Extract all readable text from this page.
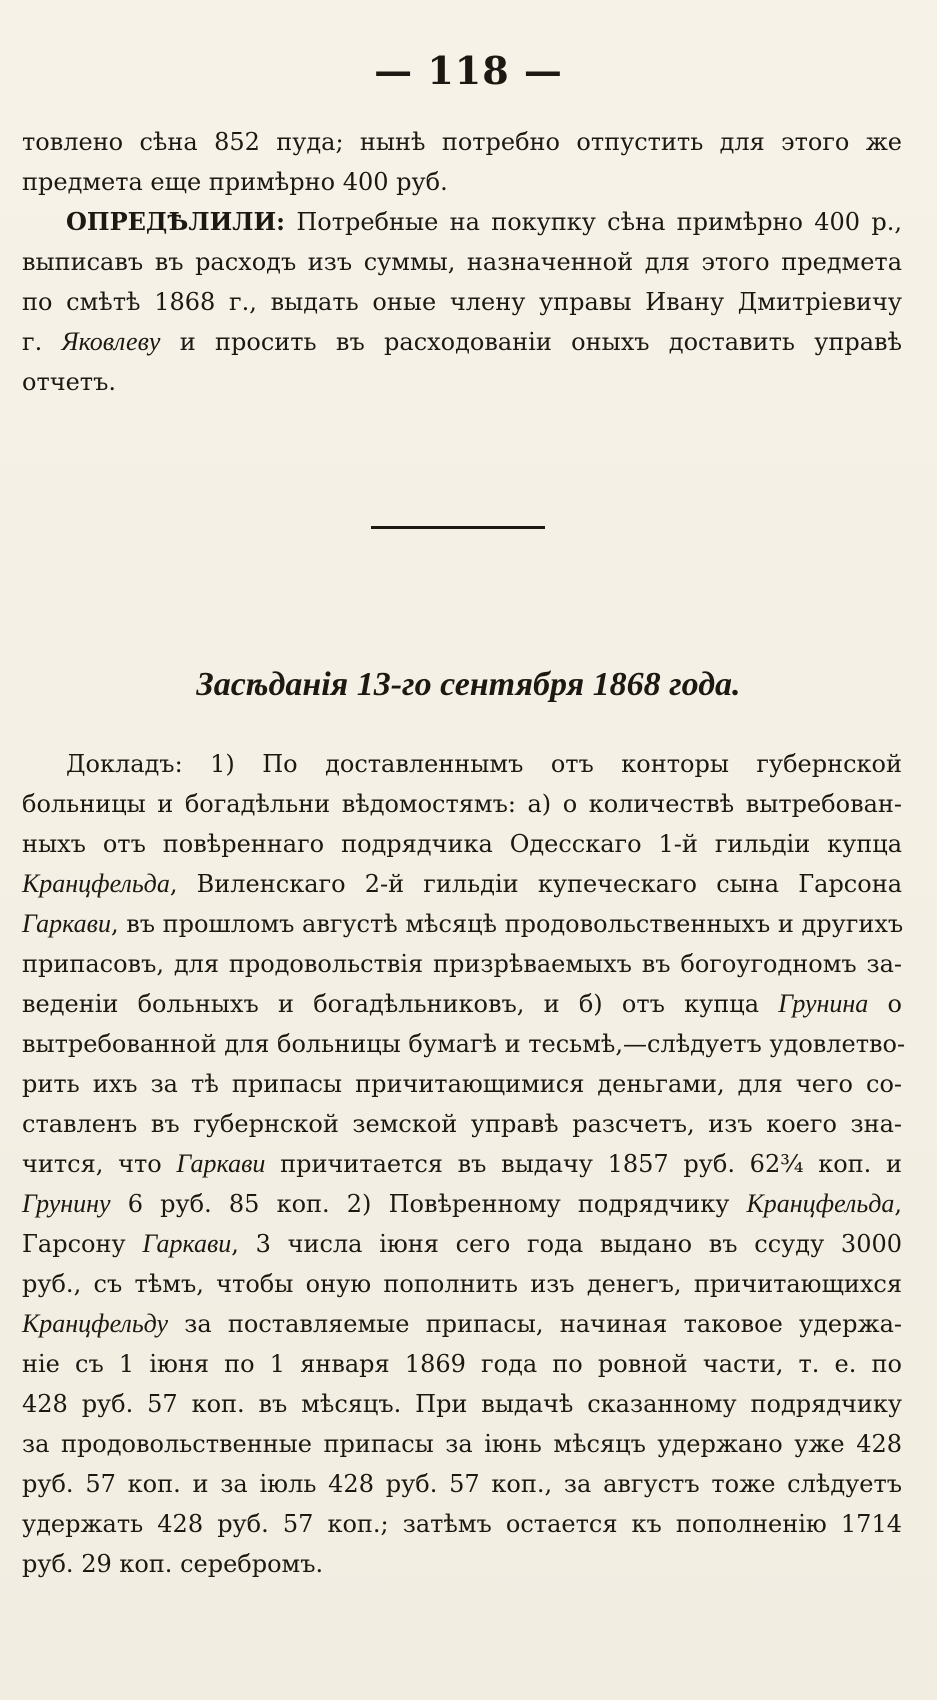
— 118 —
товлено сѣна 852 пуда; нынѣ потребно отпустить для этого же
предмета еще примѣрно 400 руб.
ОПРЕДѢЛИЛИ: Потребные на покупку сѣна примѣрно 400 р.,
выписавъ въ расходъ изъ суммы, назначенной для этого предмета
по смѣтѣ 1868 г., выдать оные члену управы Ивану Дмитріевичу
г. Яковлеву и просить въ расходованіи оныхъ доставить управѣ
отчетъ.
Засѣданія 13-го сентября 1868 года.
Докладъ: 1) По доставленнымъ отъ конторы губернской
больницы и богадѣльни вѣдомостямъ: а) о количествѣ вытребован-
ныхъ отъ повѣреннаго подрядчика Одесскаго 1-й гильдіи купца
Кранцфельда, Виленскаго 2-й гильдіи купеческаго сына Гарсона
Гаркави, въ прошломъ августѣ мѣсяцѣ продовольственныхъ и другихъ
припасовъ, для продовольствія призрѣваемыхъ въ богоугодномъ за-
веденіи больныхъ и богадѣльниковъ, и б) отъ купца Грунина о
вытребованной для больницы бумагѣ и тесьмѣ,—слѣдуетъ удовлетво-
рить ихъ за тѣ припасы причитающимися деньгами, для чего со-
ставленъ въ губернской земской управѣ разсчетъ, изъ коего зна-
чится, что Гаркави причитается въ выдачу 1857 руб. 62¾ коп. и
Грунину 6 руб. 85 коп. 2) Повѣренному подрядчику Кранцфельда,
Гарсону Гаркави, 3 числа іюня сего года выдано въ ссуду 3000
руб., съ тѣмъ, чтобы оную пополнить изъ денегъ, причитающихся
Кранцфельду за поставляемые припасы, начиная таковое удержа-
ніе съ 1 іюня по 1 января 1869 года по ровной части, т. е. по
428 руб. 57 коп. въ мѣсяцъ. При выдачѣ сказанному подрядчику
за продовольственные припасы за іюнь мѣсяцъ удержано уже 428
руб. 57 коп. и за іюль 428 руб. 57 коп., за августъ тоже слѣдуетъ
удержать 428 руб. 57 коп.; затѣмъ остается къ пополненію 1714
руб. 29 коп. серебромъ.
